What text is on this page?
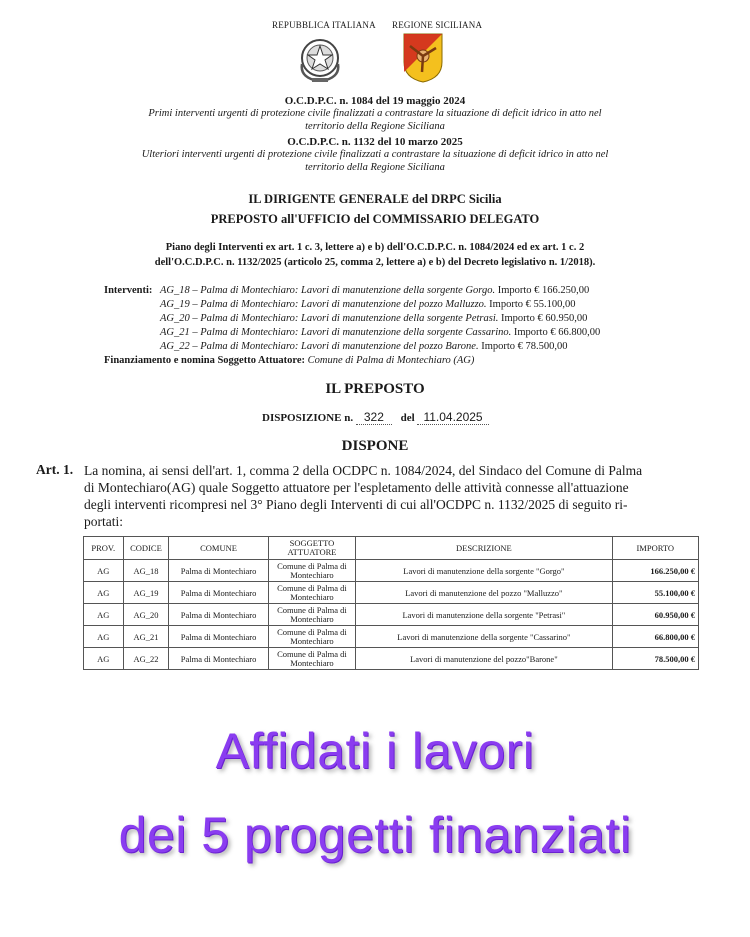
REPUBBLICA ITALIANA REGIONE SICILIANA
O.C.D.P.C. n. 1084 del 19 maggio 2024
Primi interventi urgenti di protezione civile finalizzati a contrastare la situazione di deficit idrico in atto nel
territorio della Regione Siciliana
O.C.D.P.C. n. 1132 del 10 marzo 2025
Ulteriori interventi urgenti di protezione civile finalizzati a contrastare la situazione di deficit idrico in atto nel
territorio della Regione Siciliana
IL DIRIGENTE GENERALE del DRPC Sicilia
PREPOSTO all'UFFICIO del COMMISSARIO DELEGATO
Piano degli Interventi ex art. 1 c. 3, lettere a) e b) dell'O.C.D.P.C. n. 1084/2024 ed ex art. 1 c. 2
dell'O.C.D.P.C. n. 1132/2025 (articolo 25, comma 2, lettere a) e b) del Decreto legislativo n. 1/2018).
Interventi: AG_18 – Palma di Montechiaro: Lavori di manutenzione della sorgente Gorgo. Importo € 166.250,00
AG_19 – Palma di Montechiaro: Lavori di manutenzione del pozzo Malluzzo. Importo € 55.100,00
AG_20 – Palma di Montechiaro: Lavori di manutenzione della sorgente Petrasi. Importo € 60.950,00
AG_21 – Palma di Montechiaro: Lavori di manutenzione della sorgente Cassarino. Importo € 66.800,00
AG_22 – Palma di Montechiaro: Lavori di manutenzione del pozzo Barone. Importo € 78.500,00
Finanziamento e nomina Soggetto Attuatore: Comune di Palma di Montechiaro (AG)
IL PREPOSTO
DISPOSIZIONE n. 322 del 11.04.2025
DISPONE
Art. 1. La nomina, ai sensi dell'art. 1, comma 2 della OCDPC n. 1084/2024, del Sindaco del Comune di Palma
di Montechiaro(AG) quale Soggetto attuatore per l'espletamento delle attività connesse all'attuazione
degli interventi ricompresi nel 3° Piano degli Interventi di cui all'OCDPC n. 1132/2025 di seguito ri-
portati:
PROV.	CODICE	COMUNE	SOGGETTO ATTUATORE	DESCRIZIONE	IMPORTO
AG	AG_18	Palma di Montechiaro	Comune di Palma di Montechiaro	Lavori di manutenzione della sorgente "Gorgo"	166.250,00 €
AG	AG_19	Palma di Montechiaro	Comune di Palma di Montechiaro	Lavori di manutenzione del pozzo "Malluzzo"	55.100,00 €
AG	AG_20	Palma di Montechiaro	Comune di Palma di Montechiaro	Lavori di manutenzione della sorgente "Petrasi"	60.950,00 €
AG	AG_21	Palma di Montechiaro	Comune di Palma di Montechiaro	Lavori di manutenzione della sorgente "Cassarino"	66.800,00 €
AG	AG_22	Palma di Montechiaro	Comune di Palma di Montechiaro	Lavori di manutenzione del pozzo"Barone"	78.500,00 €
Affidati i lavori
dei 5 progetti finanziati
